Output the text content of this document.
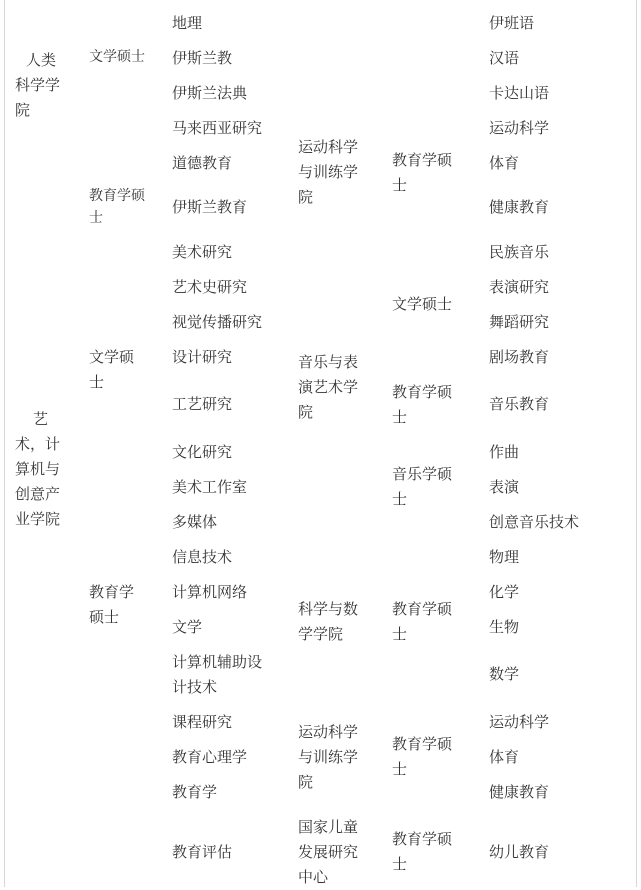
人类
科学学
院
文学硕士
教育学硕
士
地理
伊斯兰教
伊斯兰法典
马来西亚研究
道德教育
伊斯兰教育
艺
术，计
算机与
创意产
业学院
文学硕
士
教育学
硕士
美术研究
艺术史研究
视觉传播研究
设计研究
工艺研究
文化研究
美术工作室
多媒体
信息技术
计算机网络
文学
计算机辅助设
计技术
课程研究
教育心理学
教育学
教育评估
运动科学
与训练学
院
教育学硕
士
伊班语
汉语
卡达山语
运动科学
体育
健康教育
音乐与表
演艺术学
院
文学硕士
教育学硕
士
音乐学硕
士
民族音乐
表演研究
舞蹈研究
剧场教育
音乐教育
作曲
表演
创意音乐技术
科学与数
学学院
教育学硕
士
物理
化学
生物
数学
运动科学
与训练学
院
教育学硕
士
运动科学
体育
健康教育
国家儿童
发展研究
中心
教育学硕
士
幼儿教育
